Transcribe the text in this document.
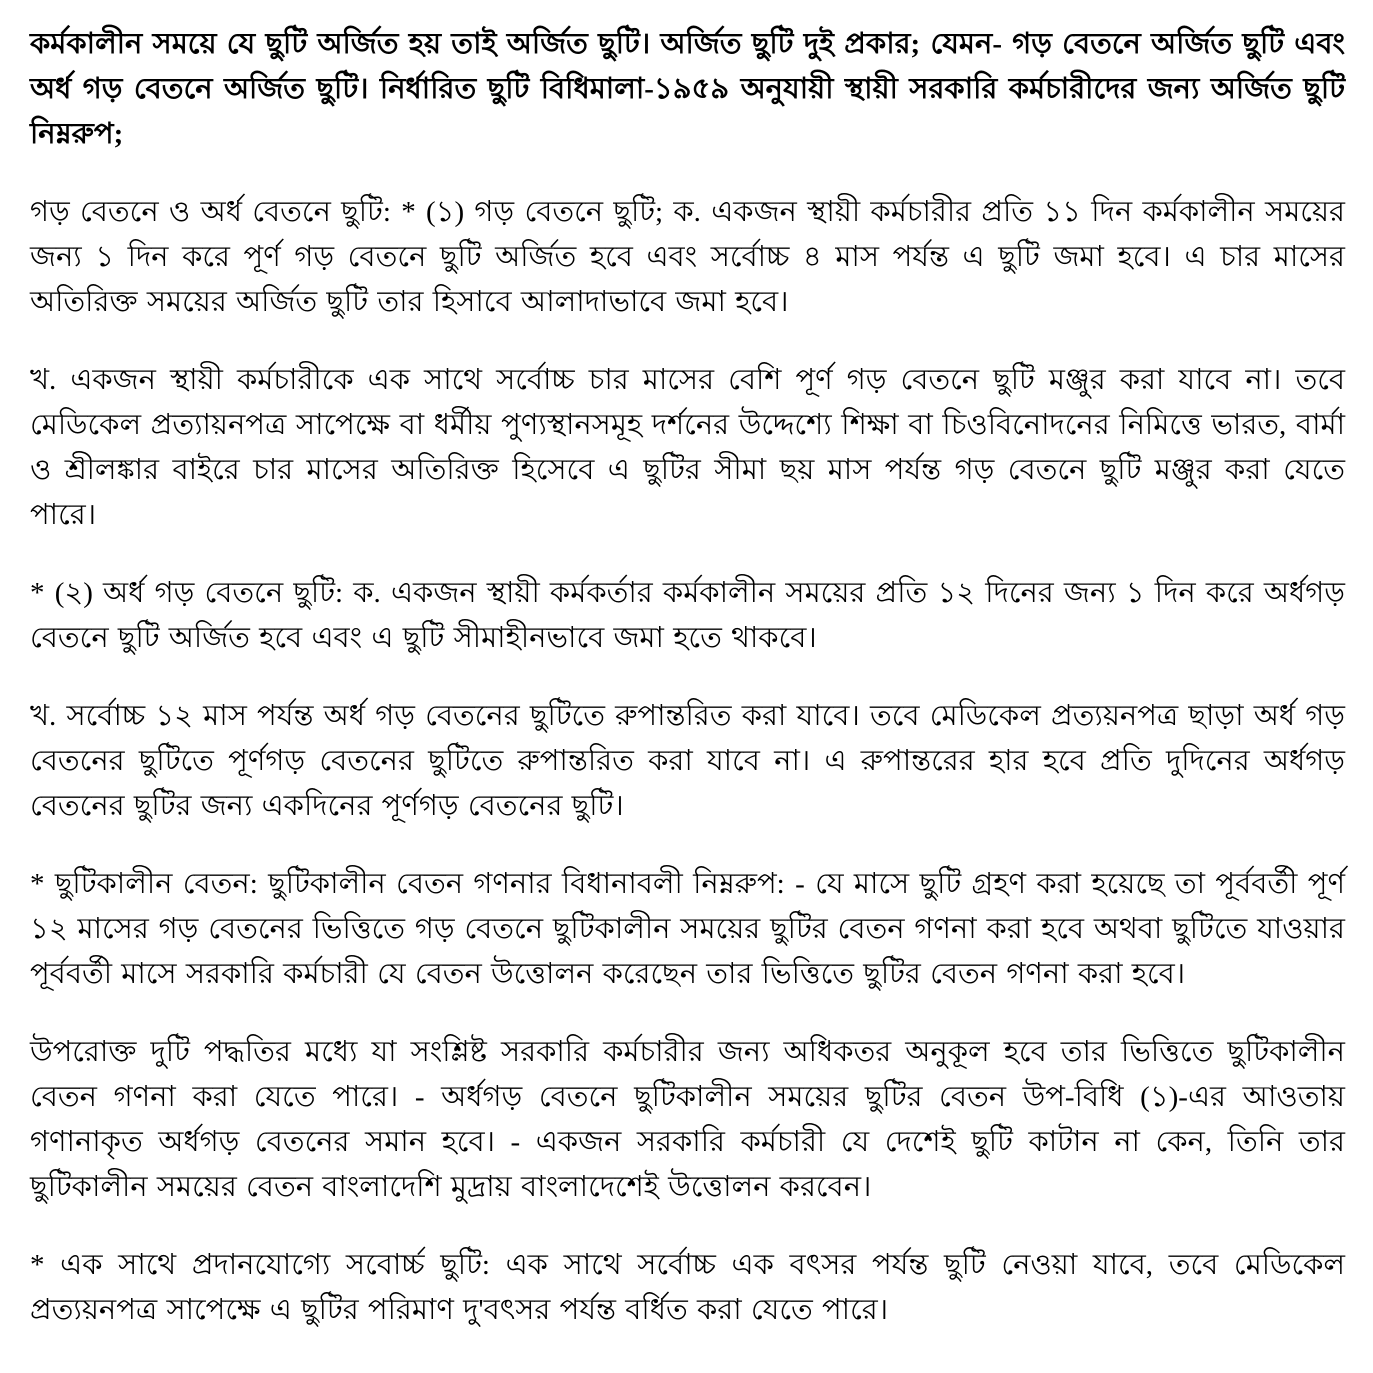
কর্মকালীন সময়ে যে ছুটি অর্জিত হয় তাই অর্জিত ছুটি। অর্জিত ছুটি দুই প্রকার; যেমন- গড় বেতনে অর্জিত ছুটি এবং অর্ধ গড় বেতনে অর্জিত ছুটি। নির্ধারিত ছুটি বিধিমালা-১৯৫৯ অনুযায়ী স্থায়ী সরকারি কর্মচারীদের জন্য অর্জিত ছুটি নিম্নরুপ;

গড় বেতনে ও অর্ধ বেতনে ছুটি: * (১) গড় বেতনে ছুটি; ক. একজন স্থায়ী কর্মচারীর প্রতি ১১ দিন কর্মকালীন সময়ের জন্য ১ দিন করে পূর্ণ গড় বেতনে ছুটি অর্জিত হবে এবং সর্বোচ্চ ৪ মাস পর্যন্ত এ ছুটি জমা হবে। এ চার মাসের অতিরিক্ত সময়ের অর্জিত ছুটি তার হিসাবে আলাদাভাবে জমা হবে।

খ. একজন স্থায়ী কর্মচারীকে এক সাথে সর্বোচ্চ চার মাসের বেশি পূর্ণ গড় বেতনে ছুটি মঞ্জুর করা যাবে না। তবে মেডিকেল প্রত্যায়নপত্র সাপেক্ষে বা ধর্মীয় পুণ্যস্থানসমূহ দর্শনের উদ্দেশ্যে শিক্ষা বা চিওবিনোদনের নিমিত্তে ভারত, বার্মা ও শ্রীলঙ্কার বাইরে চার মাসের অতিরিক্ত হিসেবে এ ছুটির সীমা ছয় মাস পর্যন্ত গড় বেতনে ছুটি মঞ্জুর করা যেতে পারে।

* (২) অর্ধ গড় বেতনে ছুটি: ক. একজন স্থায়ী কর্মকর্তার কর্মকালীন সময়ের প্রতি ১২ দিনের জন্য ১ দিন করে অর্ধগড় বেতনে ছুটি অর্জিত হবে এবং এ ছুটি সীমাহীনভাবে জমা হতে থাকবে।

খ. সর্বোচ্চ ১২ মাস পর্যন্ত অর্ধ গড় বেতনের ছুটিতে রুপান্তরিত করা যাবে। তবে মেডিকেল প্রত্যয়নপত্র ছাড়া অর্ধ গড় বেতনের ছুটিতে পূর্ণগড় বেতনের ছুটিতে রুপান্তরিত করা যাবে না। এ রুপান্তরের হার হবে প্রতি দুদিনের অর্ধগড় বেতনের ছুটির জন্য একদিনের পূর্ণগড় বেতনের ছুটি।

* ছুটিকালীন বেতন: ছুটিকালীন বেতন গণনার বিধানাবলী নিম্নরুপ: - যে মাসে ছুটি গ্রহণ করা হয়েছে তা পূর্ববর্তী পূর্ণ ১২ মাসের গড় বেতনের ভিত্তিতে গড় বেতনে ছুটিকালীন সময়ের ছুটির বেতন গণনা করা হবে অথবা ছুটিতে যাওয়ার পূর্ববর্তী মাসে সরকারি কর্মচারী যে বেতন উত্তোলন করেছেন তার ভিত্তিতে ছুটির বেতন গণনা করা হবে।

উপরোক্ত দুটি পদ্ধতির মধ্যে যা সংশ্লিষ্ট সরকারি কর্মচারীর জন্য অধিকতর অনুকূল হবে তার ভিত্তিতে ছুটিকালীন বেতন গণনা করা যেতে পারে। - অর্ধগড় বেতনে ছুটিকালীন সময়ের ছুটির বেতন উপ-বিধি (১)-এর আওতায় গণানাকৃত অর্ধগড় বেতনের সমান হবে। - একজন সরকারি কর্মচারী যে দেশেই ছুটি কাটান না কেন, তিনি তার ছুটিকালীন সময়ের বেতন বাংলাদেশি মুদ্রায় বাংলাদেশেই উত্তোলন করবেন।

* এক সাথে প্রদানযোগ্যে সবোর্চ্চ ছুটি: এক সাথে সর্বোচ্চ এক বৎসর পর্যন্ত ছুটি নেওয়া যাবে, তবে মেডিকেল প্রত্যয়নপত্র সাপেক্ষে এ ছুটির পরিমাণ দু'বৎসর পর্যন্ত বর্ধিত করা যেতে পারে।
